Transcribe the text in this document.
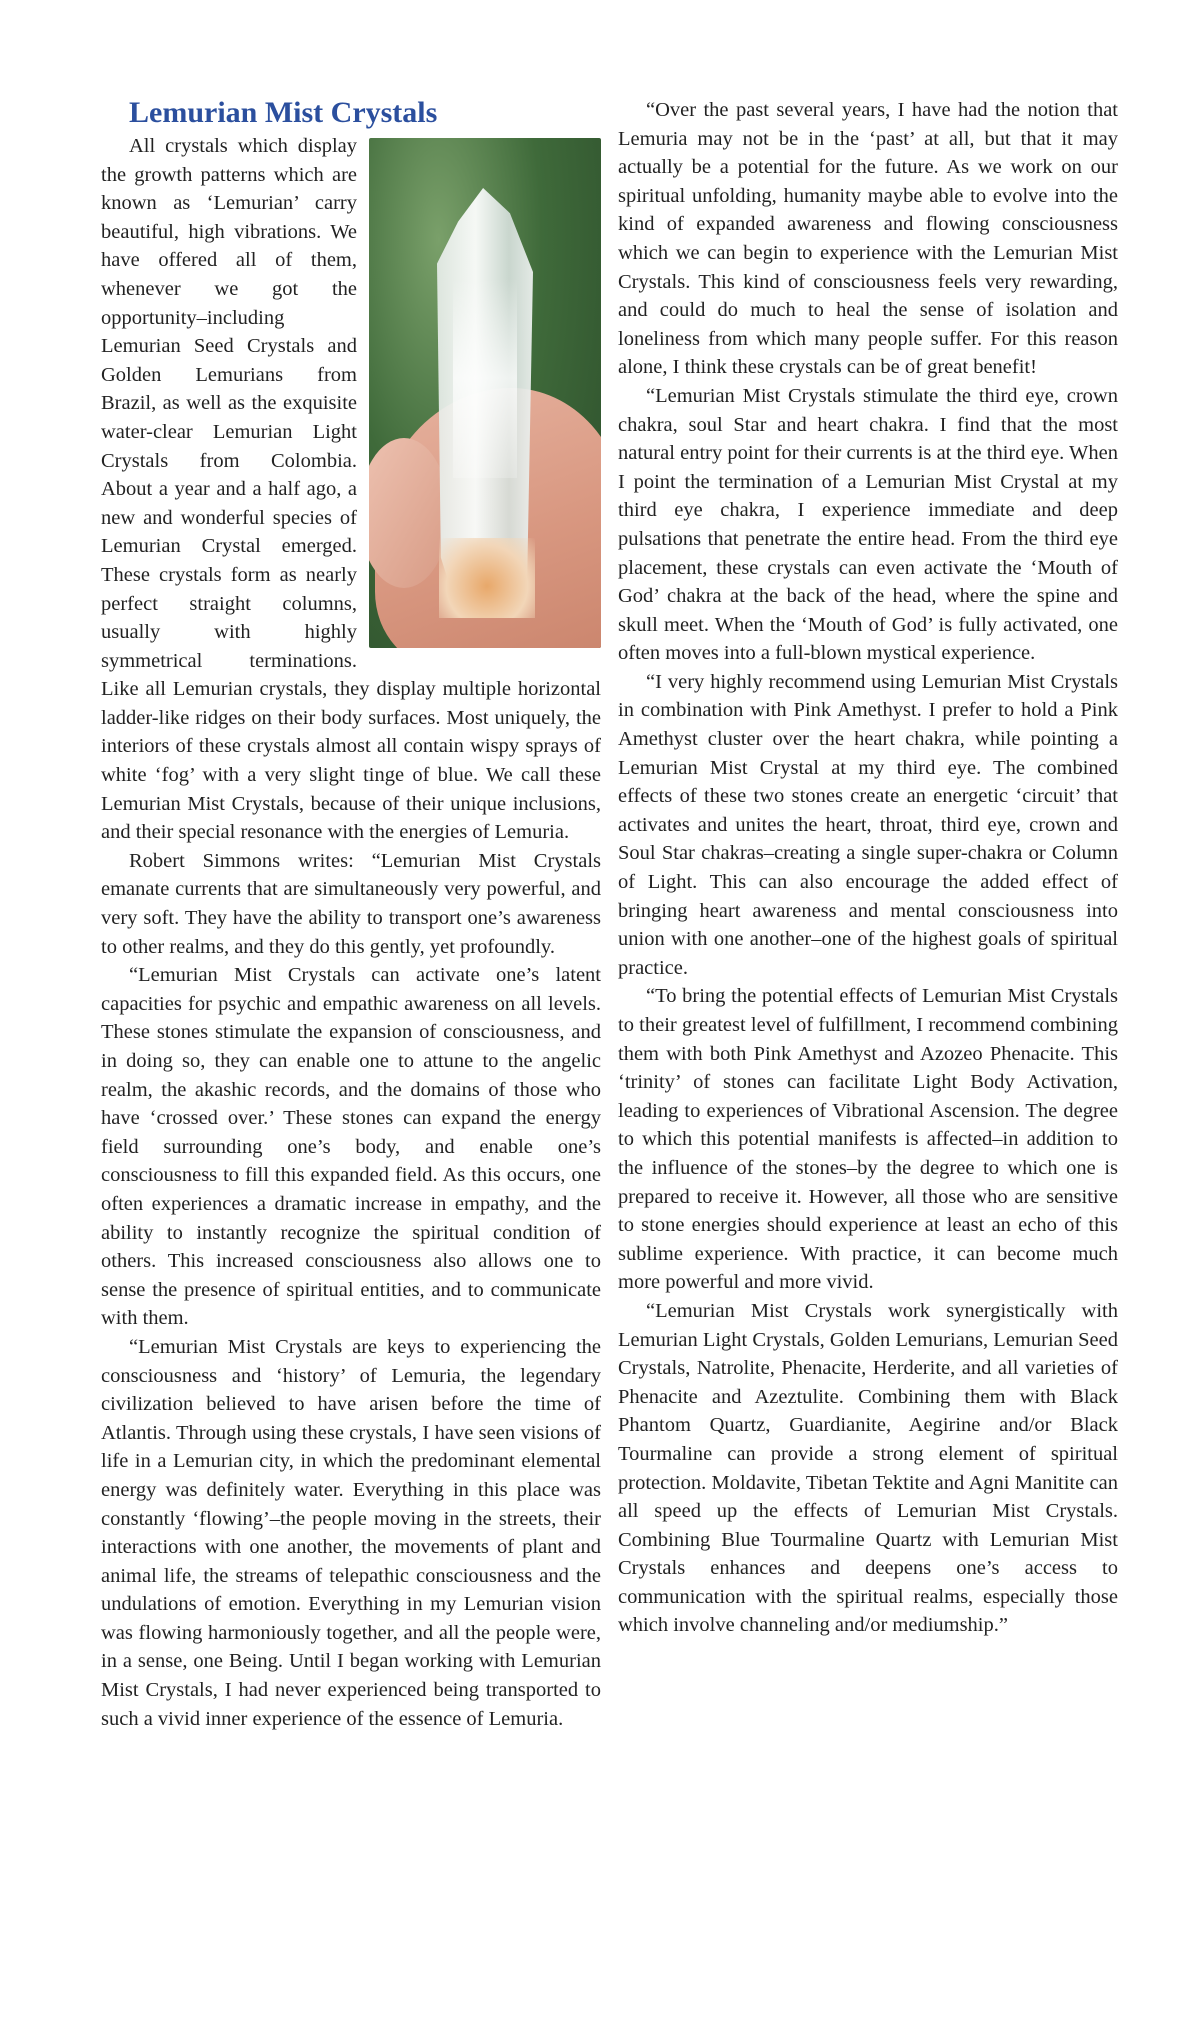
Lemurian Mist Crystals

All crystals which display the growth patterns which are known as ‘Lemurian’ carry beautiful, high vibrations. We have offered all of them, whenever we got the opportunity–including Lemurian Seed Crystals and Golden Lemurians from Brazil, as well as the exquisite water-clear Lemurian Light Crystals from Colombia. About a year and a half ago, a new and wonderful species of Lemurian Crystal emerged. These crystals form as nearly perfect straight columns, usually with highly symmetrical terminations. Like all Lemurian crystals, they display multiple horizontal ladder-like ridges on their body surfaces. Most uniquely, the interiors of these crystals almost all contain wispy sprays of white ‘fog’ with a very slight tinge of blue. We call these Lemurian Mist Crystals, because of their unique inclusions, and their special resonance with the energies of Lemuria.

Robert Simmons writes: “Lemurian Mist Crystals emanate currents that are simultaneously very powerful, and very soft. They have the ability to transport one’s awareness to other realms, and they do this gently, yet profoundly.

“Lemurian Mist Crystals can activate one’s latent capacities for psychic and empathic awareness on all levels. These stones stimulate the expansion of consciousness, and in doing so, they can enable one to attune to the angelic realm, the akashic records, and the domains of those who have ‘crossed over.’ These stones can expand the energy field surrounding one’s body, and enable one’s consciousness to fill this expanded field. As this occurs, one often experiences a dramatic increase in empathy, and the ability to instantly recognize the spiritual condition of others. This increased consciousness also allows one to sense the presence of spiritual entities, and to communicate with them.

“Lemurian Mist Crystals are keys to experiencing the consciousness and ‘history’ of Lemuria, the legendary civilization believed to have arisen before the time of Atlantis. Through using these crystals, I have seen visions of life in a Lemurian city, in which the predominant elemental energy was definitely water. Everything in this place was constantly ‘flowing’–the people moving in the streets, their interactions with one another, the movements of plant and animal life, the streams of telepathic consciousness and the undulations of emotion. Everything in my Lemurian vision was flowing harmoniously together, and all the people were, in a sense, one Being. Until I began working with Lemurian Mist Crystals, I had never experienced being transported to such a vivid inner experience of the essence of Lemuria.

“Over the past several years, I have had the notion that Lemuria may not be in the ‘past’ at all, but that it may actually be a potential for the future. As we work on our spiritual unfolding, humanity maybe able to evolve into the kind of expanded awareness and flowing consciousness which we can begin to experience with the Lemurian Mist Crystals. This kind of consciousness feels very rewarding, and could do much to heal the sense of isolation and loneliness from which many people suffer. For this reason alone, I think these crystals can be of great benefit!

“Lemurian Mist Crystals stimulate the third eye, crown chakra, soul Star and heart chakra. I find that the most natural entry point for their currents is at the third eye. When I point the termination of a Lemurian Mist Crystal at my third eye chakra, I experience immediate and deep pulsations that penetrate the entire head. From the third eye placement, these crystals can even activate the ‘Mouth of God’ chakra at the back of the head, where the spine and skull meet. When the ‘Mouth of God’ is fully activated, one often moves into a full-blown mystical experience.

“I very highly recommend using Lemurian Mist Crystals in combination with Pink Amethyst. I prefer to hold a Pink Amethyst cluster over the heart chakra, while pointing a Lemurian Mist Crystal at my third eye. The combined effects of these two stones create an energetic ‘circuit’ that activates and unites the heart, throat, third eye, crown and Soul Star chakras–creating a single super-chakra or Column of Light. This can also encourage the added effect of bringing heart awareness and mental consciousness into union with one another–one of the highest goals of spiritual practice.

“To bring the potential effects of Lemurian Mist Crystals to their greatest level of fulfillment, I recommend combining them with both Pink Amethyst and Azozeo Phenacite. This ‘trinity’ of stones can facilitate Light Body Activation, leading to experiences of Vibrational Ascension. The degree to which this potential manifests is affected–in addition to the influence of the stones–by the degree to which one is prepared to receive it. However, all those who are sensitive to stone energies should experience at least an echo of this sublime experience. With practice, it can become much more powerful and more vivid.

“Lemurian Mist Crystals work synergistically with Lemurian Light Crystals, Golden Lemurians, Lemurian Seed Crystals, Natrolite, Phenacite, Herderite, and all varieties of Phenacite and Azeztulite. Combining them with Black Phantom Quartz, Guardianite, Aegirine and/or Black Tourmaline can provide a strong element of spiritual protection. Moldavite, Tibetan Tektite and Agni Manitite can all speed up the effects of Lemurian Mist Crystals. Combining Blue Tourmaline Quartz with Lemurian Mist Crystals enhances and deepens one’s access to communication with the spiritual realms, especially those which involve channeling and/or mediumship.”
